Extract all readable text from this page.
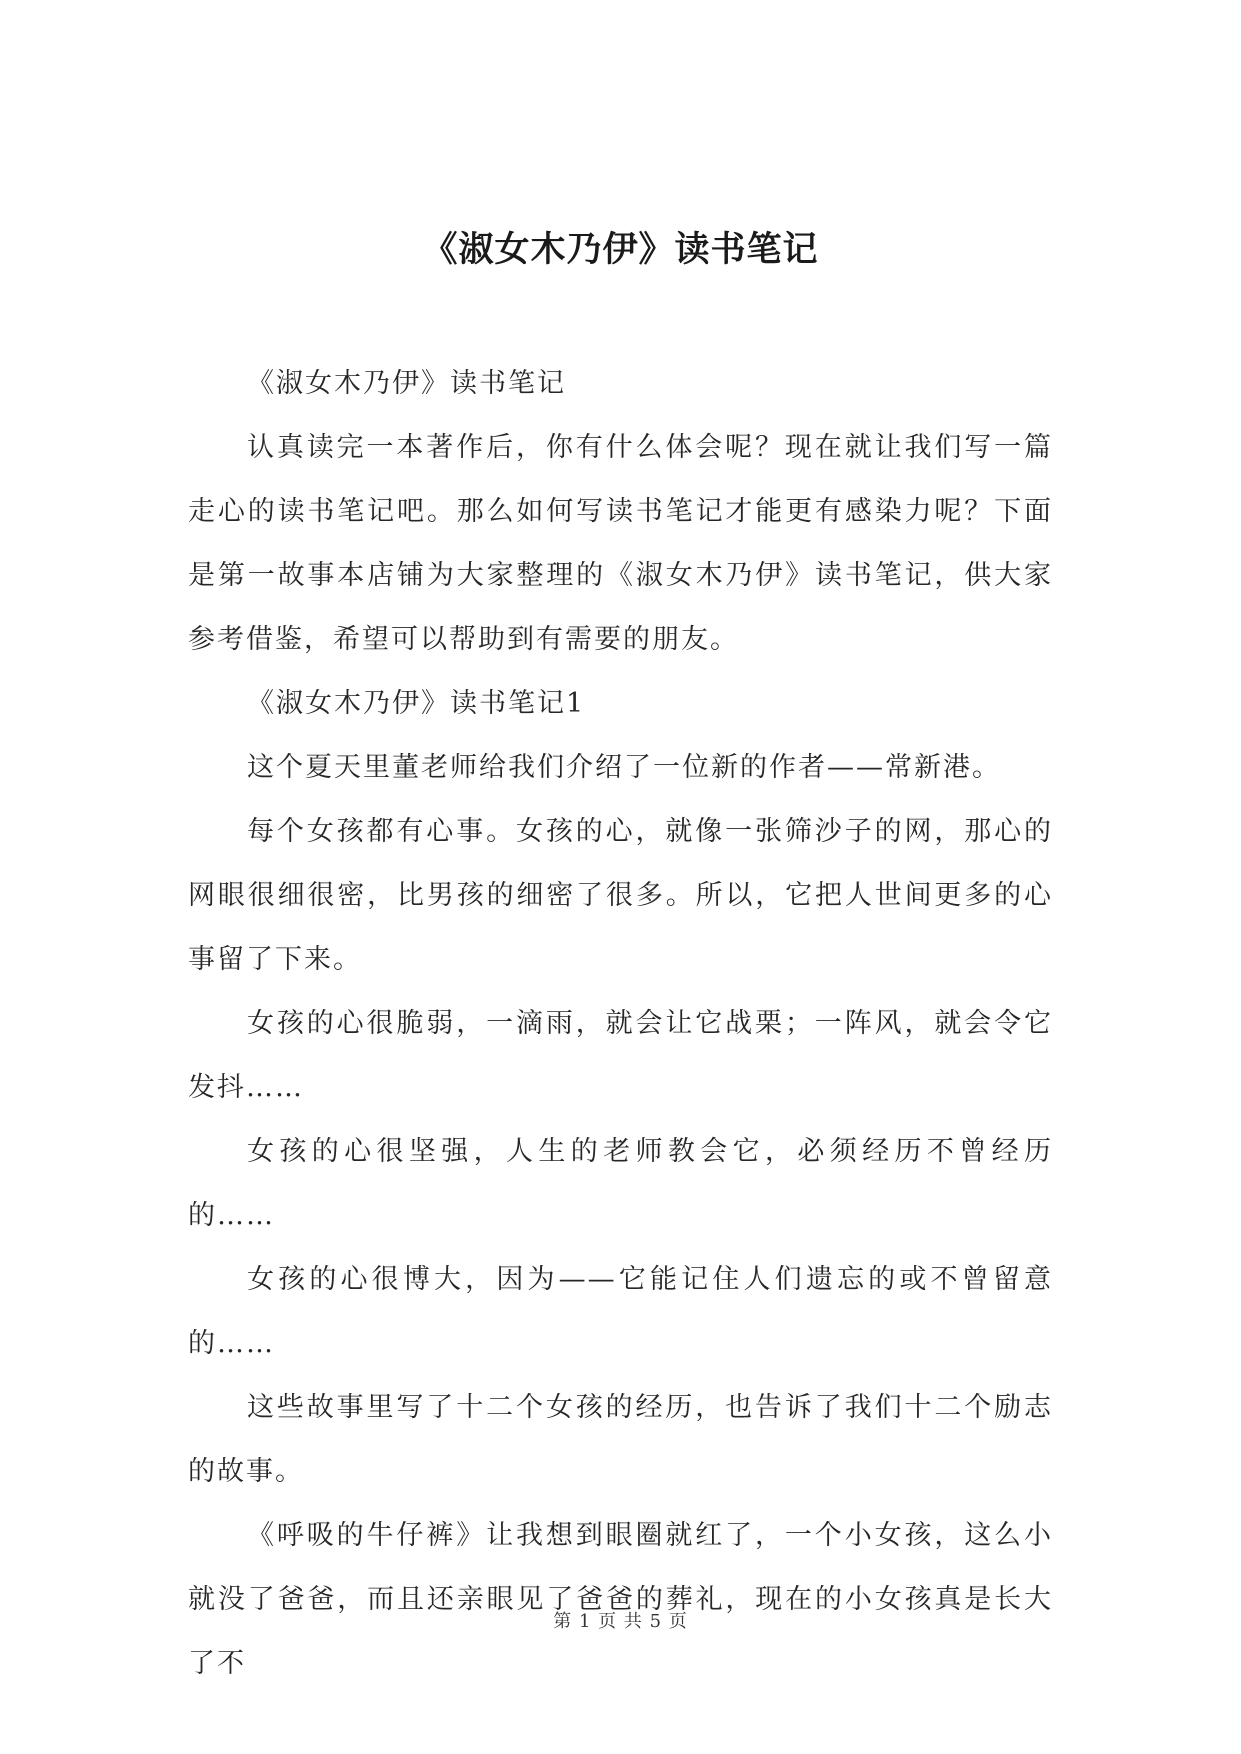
《淑女木乃伊》读书笔记

《淑女木乃伊》读书笔记

认真读完一本著作后，你有什么体会呢？现在就让我们写一篇走心的读书笔记吧。那么如何写读书笔记才能更有感染力呢？下面是第一故事本店铺为大家整理的《淑女木乃伊》读书笔记，供大家参考借鉴，希望可以帮助到有需要的朋友。

《淑女木乃伊》读书笔记1

这个夏天里董老师给我们介绍了一位新的作者——常新港。

每个女孩都有心事。女孩的心，就像一张筛沙子的网，那心的网眼很细很密，比男孩的细密了很多。所以，它把人世间更多的心事留了下来。

女孩的心很脆弱，一滴雨，就会让它战栗；一阵风，就会令它发抖……

女孩的心很坚强，人生的老师教会它，必须经历不曾经历的……

女孩的心很博大，因为——它能记住人们遗忘的或不曾留意的……

这些故事里写了十二个女孩的经历，也告诉了我们十二个励志的故事。

《呼吸的牛仔裤》让我想到眼圈就红了，一个小女孩，这么小就没了爸爸，而且还亲眼见了爸爸的葬礼，现在的小女孩真是长大了不

第 1 页 共 5 页
